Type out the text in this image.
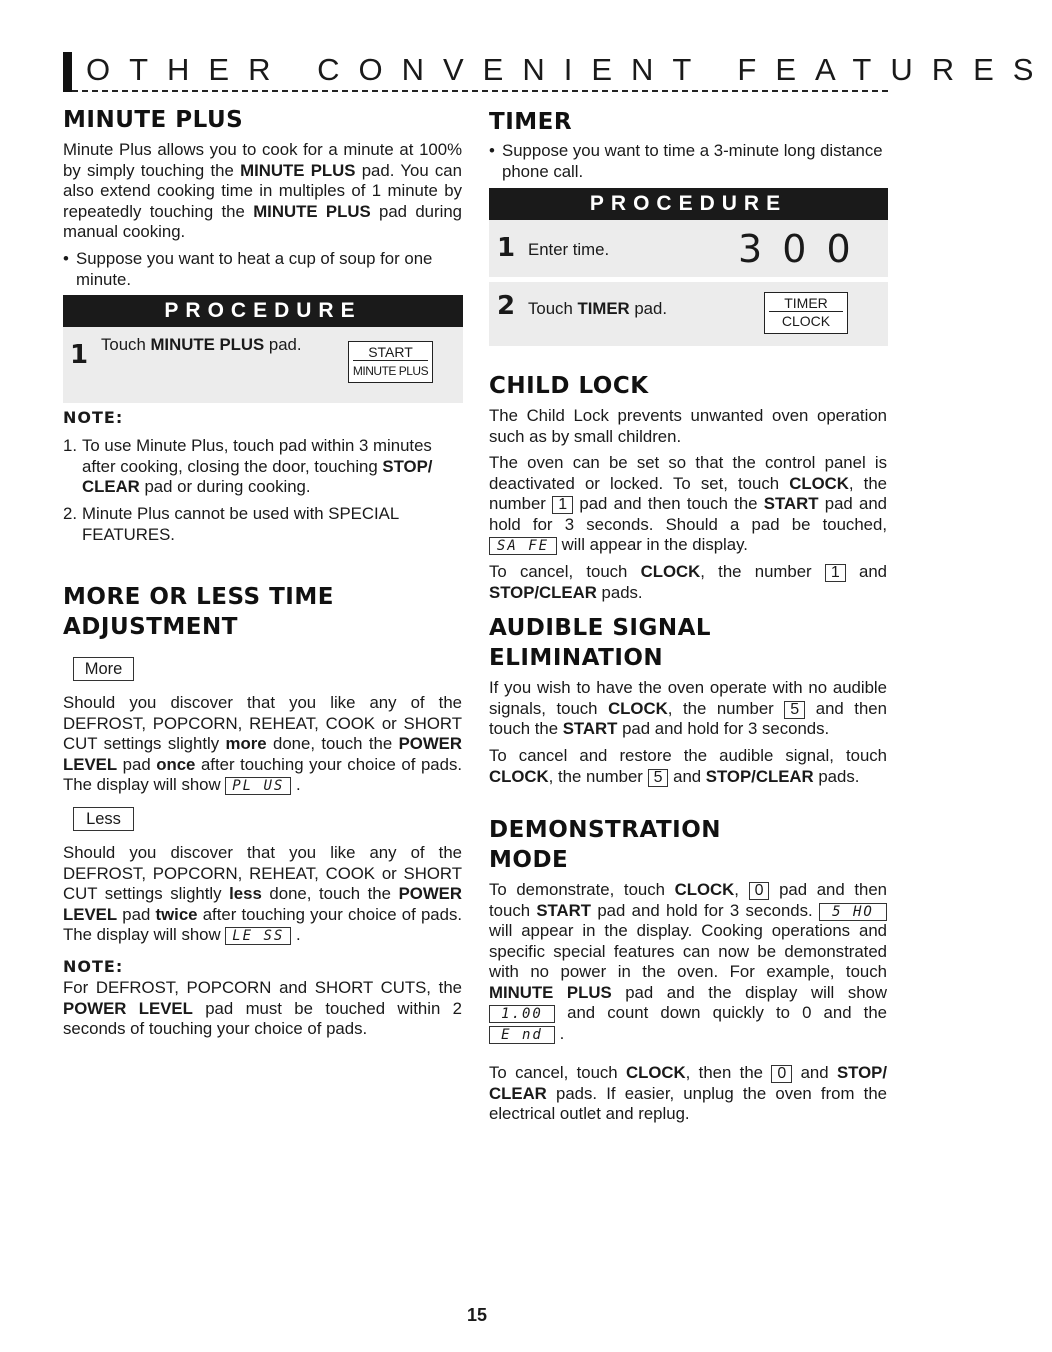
OTHER CONVENIENT FEATURES
MINUTE PLUS
Minute Plus allows you to cook for a minute at 100% by simply touching the MINUTE PLUS pad. You can also extend cooking time in multiples of 1 minute by repeatedly touching the MINUTE PLUS pad during manual cooking.
• Suppose you want to heat a cup of soup for one minute.
PROCEDURE
1 Touch MINUTE PLUS pad.	START
MINUTE PLUS
NOTE:
1. To use Minute Plus, touch pad within 3 minutes after cooking, closing the door, touching STOP/ CLEAR pad or during cooking.
2. Minute Plus cannot be used with SPECIAL FEATURES.
MORE OR LESS TIME
ADJUSTMENT
More
Should you discover that you like any of the DEFROST, POPCORN, REHEAT, COOK or SHORT CUT settings slightly more done, touch the POWER LEVEL pad once after touching your choice of pads. The display will show PL US .
Less
Should you discover that you like any of the DEFROST, POPCORN, REHEAT, COOK or SHORT CUT settings slightly less done, touch the POWER LEVEL pad twice after touching your choice of pads. The display will show LE SS .
NOTE:
For DEFROST, POPCORN and SHORT CUTS, the POWER LEVEL pad must be touched within 2 seconds of touching your choice of pads.
TIMER
• Suppose you want to time a 3-minute long distance phone call.
PROCEDURE
1 Enter time.	3 0 0
2 Touch TIMER pad.	TIMER
CLOCK
CHILD LOCK
The Child Lock prevents unwanted oven operation such as by small children.
The oven can be set so that the control panel is deactivated or locked. To set, touch CLOCK, the number 1 pad and then touch the START pad and hold for 3 seconds. Should a pad be touched, SA FE will appear in the display.
To cancel, touch CLOCK, the number 1 and STOP/CLEAR pads.
AUDIBLE SIGNAL
ELIMINATION
If you wish to have the oven operate with no audible signals, touch CLOCK, the number 5 and then touch the START pad and hold for 3 seconds.
To cancel and restore the audible signal, touch CLOCK, the number 5 and STOP/CLEAR pads.
DEMONSTRATION
MODE
To demonstrate, touch CLOCK, 0 pad and then touch START pad and hold for 3 seconds. 5 HO will appear in the display. Cooking operations and specific special features can now be demonstrated with no power in the oven. For example, touch MINUTE PLUS pad and the display will show 1.00 and count down quickly to 0 and the E nd .
To cancel, touch CLOCK, then the 0 and STOP/ CLEAR pads. If easier, unplug the oven from the electrical outlet and replug.
15
